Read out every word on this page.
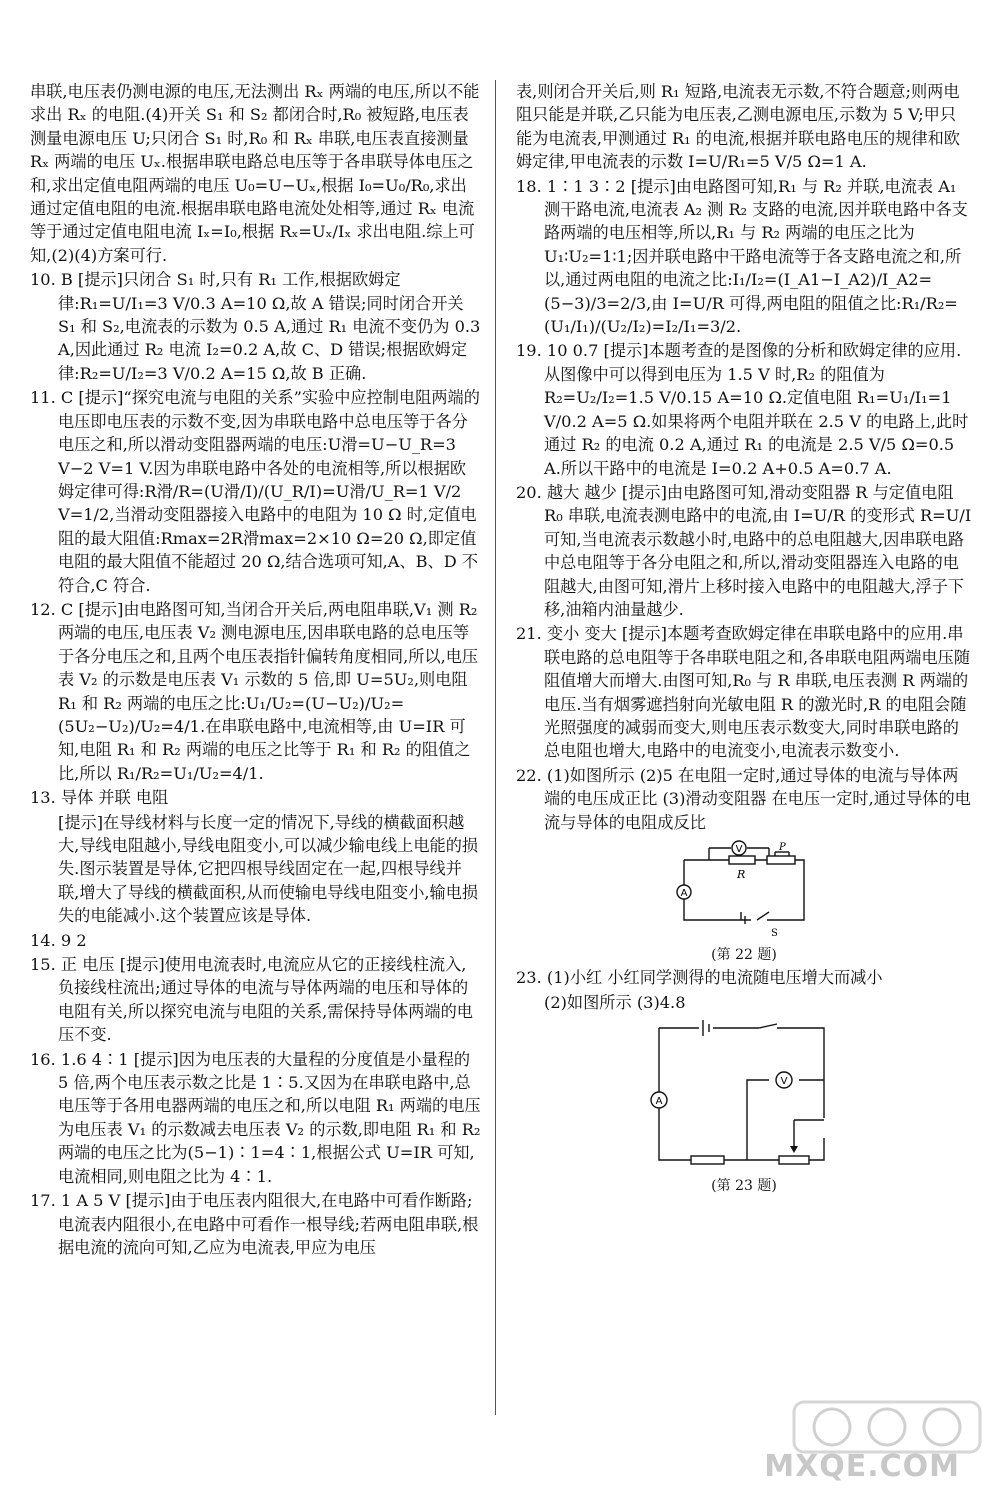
串联,电压表仍测电源的电压,无法测出 Rₓ 两端的电压,所以不能求出 Rₓ 的电阻.(4)开关 S₁ 和 S₂ 都闭合时,R₀ 被短路,电压表测量电源电压 U;只闭合 S₁ 时,R₀ 和 Rₓ 串联,电压表直接测量 Rₓ 两端的电压 Uₓ.根据串联电路总电压等于各串联导体电压之和,求出定值电阻两端的电压 U₀=U−Uₓ,根据 I₀=U₀/R₀,求出通过定值电阻的电流.根据串联电路电流处处相等,通过 Rₓ 电流等于通过定值电阻电流 Iₓ=I₀,根据 Rₓ=Uₓ/Iₓ 求出电阻.综上可知,(2)(4)方案可行.

10. B [提示]只闭合 S₁ 时,只有 R₁ 工作,根据欧姆定律:R₁=U/I₁=3 V/0.3 A=10 Ω,故 A 错误;同时闭合开关 S₁ 和 S₂,电流表的示数为 0.5 A,通过 R₁ 电流不变仍为 0.3 A,因此通过 R₂ 电流 I₂=0.2 A,故 C、D 错误;根据欧姆定律:R₂=U/I₂=3 V/0.2 A=15 Ω,故 B 正确.

11. C [提示]“探究电流与电阻的关系”实验中应控制电阻两端的电压即电压表的示数不变,因为串联电路中总电压等于各分电压之和,所以滑动变阻器两端的电压:U滑=U−U_R=3 V−2 V=1 V.因为串联电路中各处的电流相等,所以根据欧姆定律可得:R滑/R=(U滑/I)/(U_R/I)=U滑/U_R=1 V/2 V=1/2,当滑动变阻器接入电路中的电阻为 10 Ω 时,定值电阻的最大阻值:Rmax=2R滑max=2×10 Ω=20 Ω,即定值电阻的最大阻值不能超过 20 Ω,结合选项可知,A、B、D 不符合,C 符合.

12. C [提示]由电路图可知,当闭合开关后,两电阻串联,V₁ 测 R₂ 两端的电压,电压表 V₂ 测电源电压,因串联电路的总电压等于各分电压之和,且两个电压表指针偏转角度相同,所以,电压表 V₂ 的示数是电压表 V₁ 示数的 5 倍,即 U=5U₂,则电阻 R₁ 和 R₂ 两端的电压之比:U₁/U₂=(U−U₂)/U₂=(5U₂−U₂)/U₂=4/1.在串联电路中,电流相等,由 U=IR 可知,电阻 R₁ 和 R₂ 两端的电压之比等于 R₁ 和 R₂ 的阻值之比,所以 R₁/R₂=U₁/U₂=4/1.

13. 导体 并联 电阻

[提示]在导线材料与长度一定的情况下,导线的横截面积越大,导线电阻越小,导线电阻变小,可以减少输电线上电能的损失.图示装置是导体,它把四根导线固定在一起,四根导线并联,增大了导线的横截面积,从而使输电导线电阻变小,输电损失的电能减小.这个装置应该是导体.

14. 9 2

15. 正 电压 [提示]使用电流表时,电流应从它的正接线柱流入,负接线柱流出;通过导体的电流与导体两端的电压和导体的电阻有关,所以探究电流与电阻的关系,需保持导体两端的电压不变.

16. 1.6 4∶1 [提示]因为电压表的大量程的分度值是小量程的 5 倍,两个电压表示数之比是 1∶5.又因为在串联电路中,总电压等于各用电器两端的电压之和,所以电阻 R₁ 两端的电压为电压表 V₁ 的示数减去电压表 V₂ 的示数,即电阻 R₁ 和 R₂ 两端的电压之比为(5−1)∶1=4∶1,根据公式 U=IR 可知,电流相同,则电阻之比为 4∶1.

17. 1 A 5 V [提示]由于电压表内阻很大,在电路中可看作断路;电流表内阻很小,在电路中可看作一根导线;若两电阻串联,根据电流的流向可知,乙应为电流表,甲应为电压

表,则闭合开关后,则 R₁ 短路,电流表无示数,不符合题意;则两电阻只能是并联,乙只能为电压表,乙测电源电压,示数为 5 V;甲只能为电流表,甲测通过 R₁ 的电流,根据并联电路电压的规律和欧姆定律,甲电流表的示数 I=U/R₁=5 V/5 Ω=1 A.

18. 1∶1 3∶2 [提示]由电路图可知,R₁ 与 R₂ 并联,电流表 A₁ 测干路电流,电流表 A₂ 测 R₂ 支路的电流,因并联电路中各支路两端的电压相等,所以,R₁ 与 R₂ 两端的电压之比为 U₁∶U₂=1∶1;因并联电路中干路电流等于各支路电流之和,所以,通过两电阻的电流之比:I₁/I₂=(I_A1−I_A2)/I_A2=(5−3)/3=2/3,由 I=U/R 可得,两电阻的阻值之比:R₁/R₂=(U₁/I₁)/(U₂/I₂)=I₂/I₁=3/2.

19. 10 0.7 [提示]本题考查的是图像的分析和欧姆定律的应用.从图像中可以得到电压为 1.5 V 时,R₂ 的阻值为 R₂=U₂/I₂=1.5 V/0.15 A=10 Ω.定值电阻 R₁=U₁/I₁=1 V/0.2 A=5 Ω.如果将两个电阻并联在 2.5 V 的电路上,此时通过 R₂ 的电流 0.2 A,通过 R₁ 的电流是 2.5 V/5 Ω=0.5 A.所以干路中的电流是 I=0.2 A+0.5 A=0.7 A.

20. 越大 越少 [提示]由电路图可知,滑动变阻器 R 与定值电阻 R₀ 串联,电流表测电路中的电流,由 I=U/R 的变形式 R=U/I 可知,当电流表示数越小时,电路中的总电阻越大,因串联电路中总电阻等于各分电阻之和,所以,滑动变阻器连入电路的电阻越大,由图可知,滑片上移时接入电路中的电阻越大,浮子下移,油箱内油量越少.

21. 变小 变大 [提示]本题考查欧姆定律在串联电路中的应用.串联电路的总电阻等于各串联电阻之和,各串联电阻两端电压随阻值增大而增大.由图可知,R₀ 与 R 串联,电压表测 R 两端的电压.当有烟雾遮挡射向光敏电阻 R 的激光时,R 的电阻会随光照强度的减弱而变大,则电压表示数变大,同时串联电路的总电阻也增大,电路中的电流变小,电流表示数变小.

22. (1)如图所示 (2)5 在电阻一定时,通过导体的电流与导体两端的电压成正比 (3)滑动变阻器 在电压一定时,通过导体的电流与导体的电阻成反比

V
R
P
A
S

(第 22 题)

23. (1)小红 小红同学测得的电流随电压增大而减小

(2)如图所示 (3)4.8

A
V

(第 23 题)

MXQE.COM
